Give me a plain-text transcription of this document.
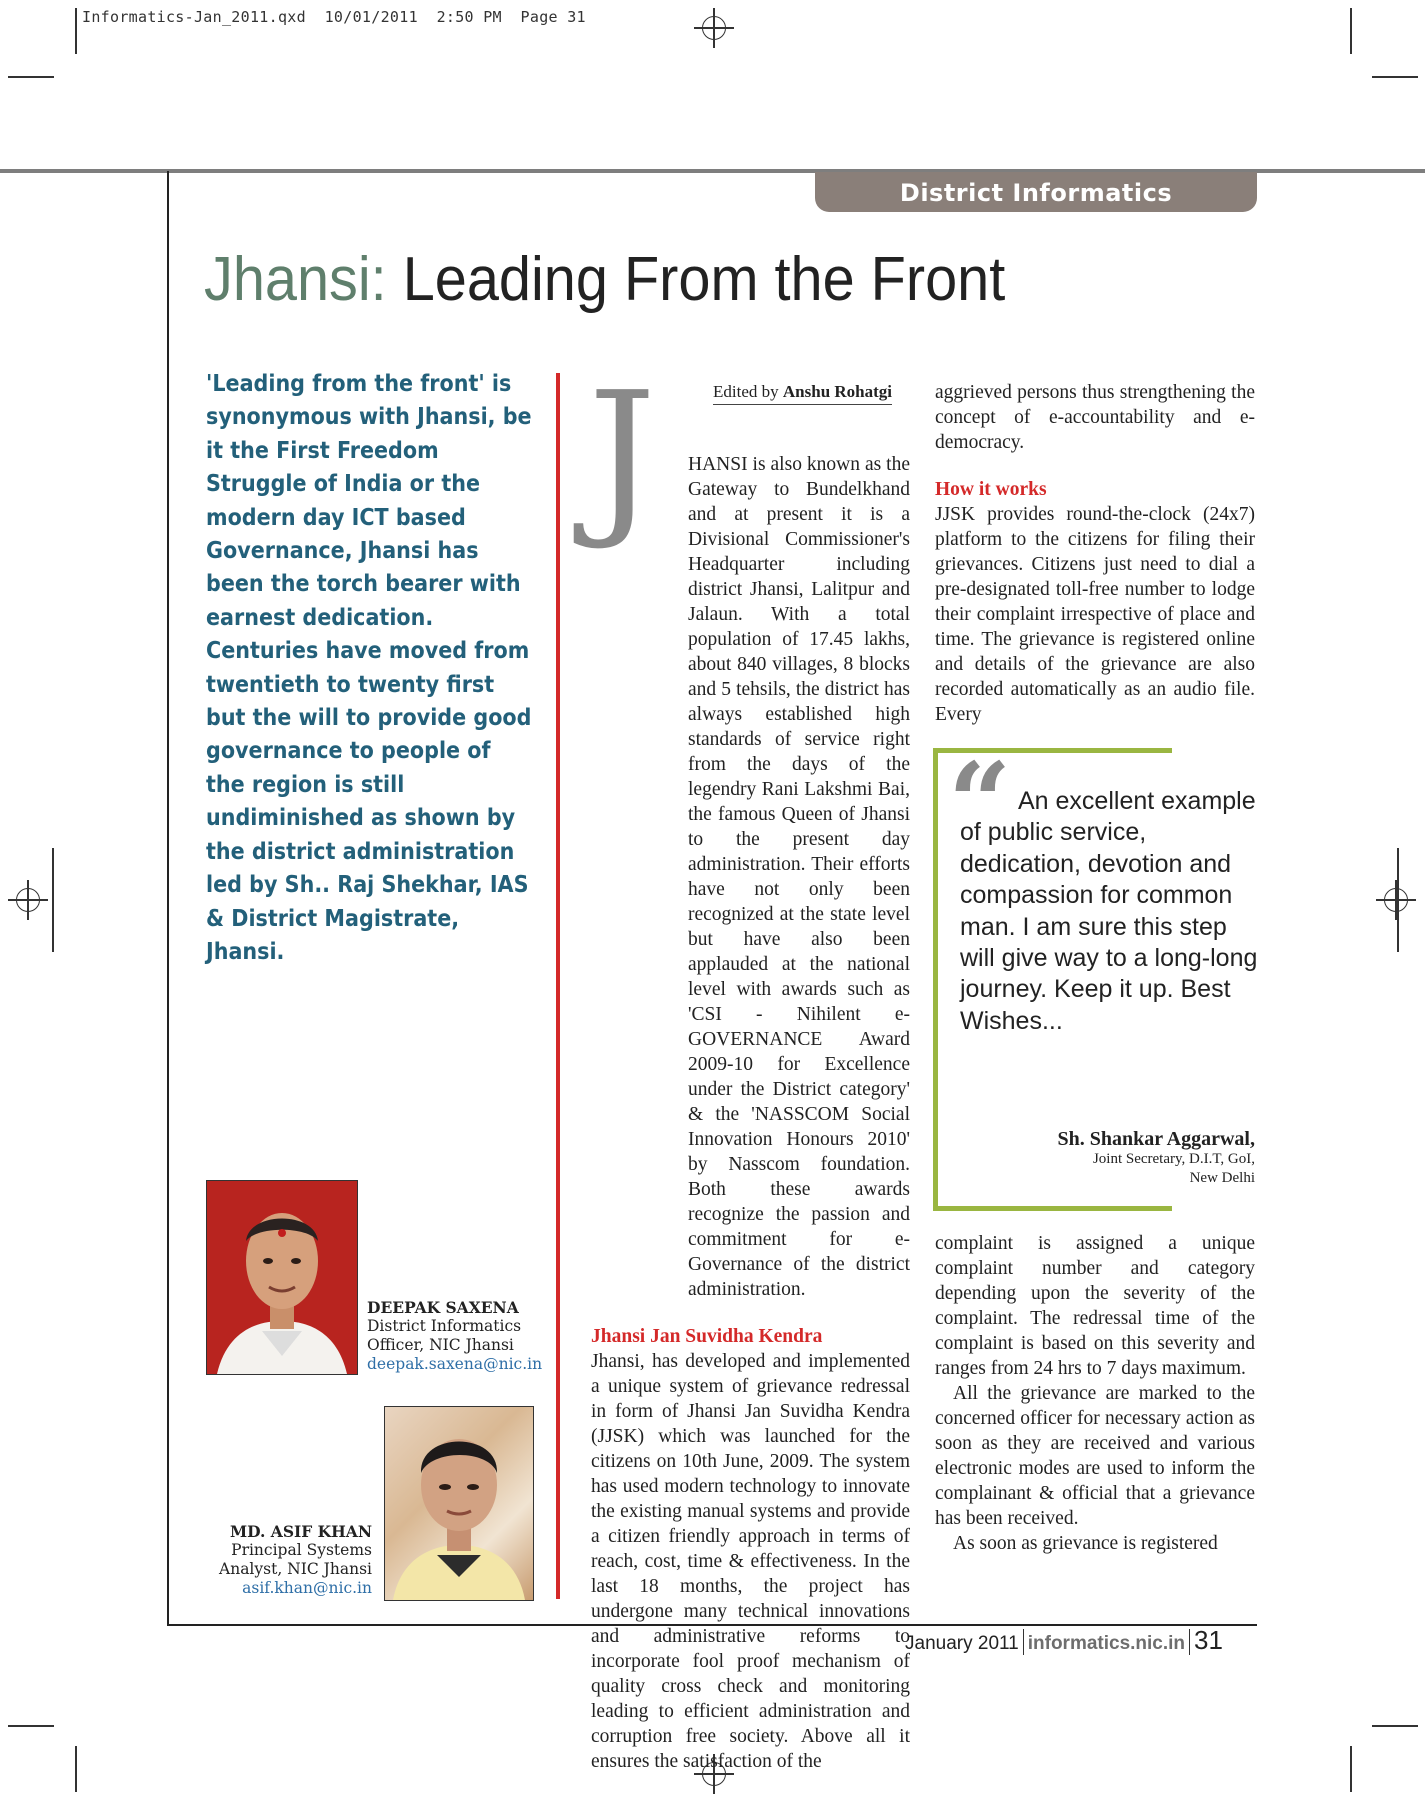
Informatics-Jan_2011.qxd  10/01/2011  2:50 PM  Page 31
District Informatics
Jhansi: Leading From the Front
'Leading from the front' is synonymous with Jhansi, be it the First Freedom Struggle of India or the modern day ICT based Governance, Jhansi has been the torch bearer with earnest dedication. Centuries have moved from twentieth to twenty first but the will to provide good governance to people of the region is still undiminished as shown by the district administration led by Sh.. Raj Shekhar, IAS & District Magistrate, Jhansi.
DEEPAK SAXENA
District Informatics
Officer, NIC Jhansi
deepak.saxena@nic.in
MD. ASIF KHAN
Principal Systems
Analyst, NIC Jhansi
asif.khan@nic.in
J	Edited by Anshu Rohatgi

HANSI is also known as the Gateway to Bundelkhand and at present it is a Divisional Commissioner's Headquarter including district Jhansi, Lalitpur and Jalaun. With a total population of 17.45 lakhs, about 840 villages, 8 blocks and 5 tehsils, the district has always established high standards of service right from the days of the legendry Rani Lakshmi Bai, the famous Queen of Jhansi to the present day administration. Their efforts have not only been recognized at the state level but have also been applauded at the national level with awards such as 'CSI - Nihilent e-GOVERNANCE Award 2009-10 for Excellence under the District category' & the 'NASSCOM Social Innovation Honours 2010' by Nasscom foundation. Both these awards recognize the passion and commitment for e-Governance of the district administration.

Jhansi Jan Suvidha Kendra

Jhansi, has developed and implemented a unique system of grievance redressal in form of Jhansi Jan Suvidha Kendra (JJSK) which was launched for the citizens on 10th June, 2009. The system has used modern technology to innovate the existing manual systems and provide a citizen friendly approach in terms of reach, cost, time & effectiveness. In the last 18 months, the project has undergone many technical innovations and administrative reforms to incorporate fool proof mechanism of quality cross check and monitoring leading to efficient administration and corruption free society. Above all it ensures the satisfaction of the

aggrieved persons thus strengthening the concept of e-accountability and e-democracy.

How it works

JJSK provides round-the-clock (24x7) platform to the citizens for filing their grievances. Citizens just need to dial a pre-designated toll-free number to lodge their complaint irrespective of place and time. The grievance is registered online and details of the grievance are also recorded automatically as an audio file. Every

“ An excellent example of public service, dedication, devotion and compassion for common man. I am sure this step will give way to a long-long journey. Keep it up. Best Wishes...
Sh. Shankar Aggarwal,
Joint Secretary, D.I.T, GoI,
New Delhi

complaint is assigned a unique complaint number and category depending upon the severity of the complaint. The redressal time of the complaint is based on this severity and ranges from 24 hrs to 7 days maximum.

All the grievance are marked to the concerned officer for necessary action as soon as they are received and various electronic modes are used to inform the complainant & official that a grievance has been received.

As soon as grievance is registered

January 2011 informatics.nic.in 31
